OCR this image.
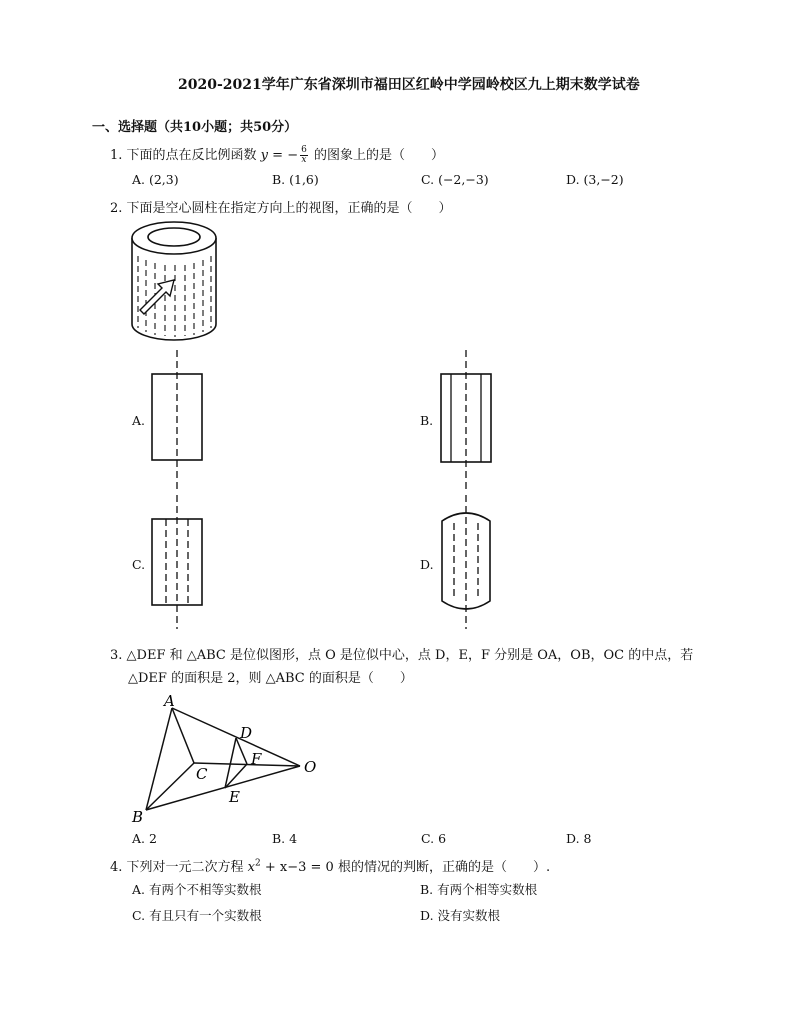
2020-2021学年广东省深圳市福田区红岭中学园岭校区九上期末数学试卷
一、选择题（共10小题；共50分）
1. 下面的点在反比例函数 y = − $\frac{6}{x}$ 的图象上的是（　　）
A. (2,3)	B. (1,6)	C. (−2,−3)	D. (3,−2)
2. 下面是空心圆柱在指定方向上的视图，正确的是（　　）
A.	B.
C.	D.
3. △DEF 和 △ABC 是位似图形，点 O 是位似中心，点 D，E，F 分别是 OA，OB，OC 的中点，若
△DEF 的面积是 2，则 △ABC 的面积是（　　）
A
B
C
D
E
F	O
A. 2	B. 4	C. 6	D. 8
4. 下列对一元二次方程 $x^2 + x-3 = 0$ 根的情况的判断，正确的是（　　）.
A. 有两个不相等实数根	B. 有两个相等实数根
C. 有且只有一个实数根	D. 没有实数根
